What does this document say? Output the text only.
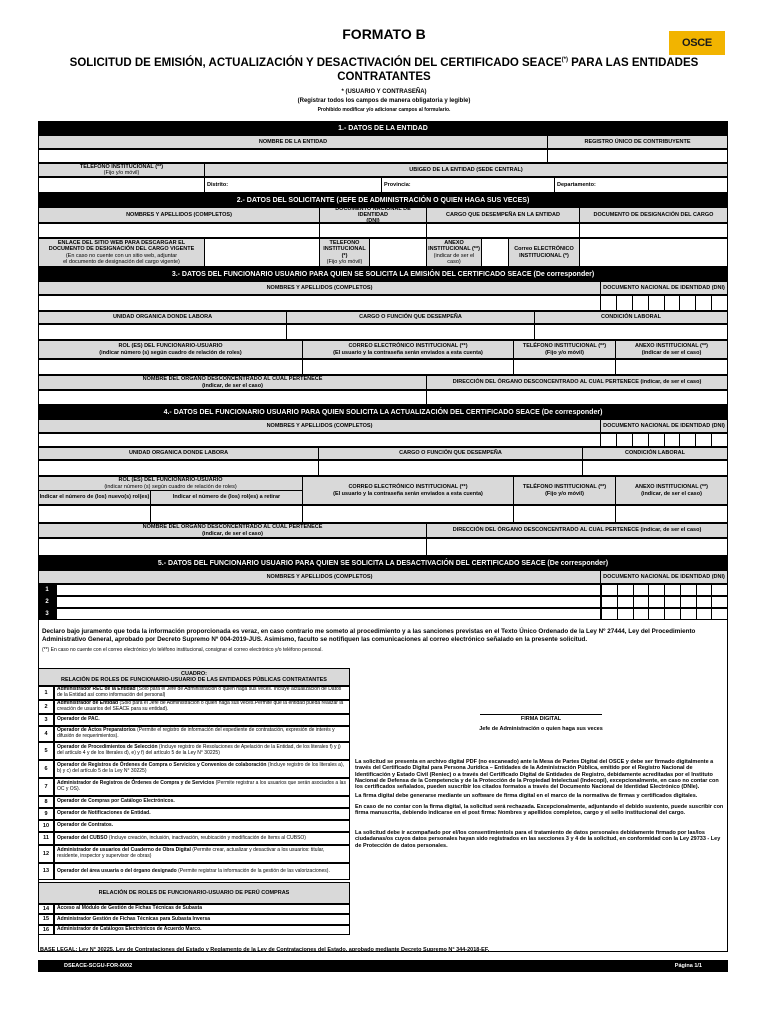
FORMATO B
OSCE
SOLICITUD DE EMISIÓN, ACTUALIZACIÓN Y DESACTIVACIÓN DEL CERTIFICADO SEACE(*) PARA LAS ENTIDADES
CONTRATANTES
* (USUARIO Y CONTRASEÑA)
(Registrar todos los campos de manera obligatoria y legible)
Prohibido modificar y/o adicionar campos al formulario.
1.- DATOS DE LA ENTIDAD
NOMBRE DE LA ENTIDAD	REGISTRO ÚNICO DE CONTRIBUYENTE
TELÉFONO INSTITUCIONAL (**)
(Fijo y/o móvil)
UBIGEO DE LA ENTIDAD (SEDE CENTRAL)
Distrito:	Provincia:	Departamento:
2.- DATOS DEL SOLICITANTE (JEFE DE ADMINISTRACIÓN O QUIEN HAGA SUS VECES)
NOMBRES Y APELLIDOS (COMPLETOS)
DOCUMENTO NACIONAL DE IDENTIDAD
(DNI)
CARGO QUE DESEMPEÑA EN LA ENTIDAD	DOCUMENTO DE DESIGNACIÓN DEL CARGO
ENLACE DEL SITIO WEB PARA DESCARGAR EL
DOCUMENTO DE DESIGNACIÓN DEL CARGO VIGENTE
(En caso no cuente con un sitio web, adjuntar
el documento de designación del cargo vigente)
TELEFONO
INSTITUCIONAL (*)
(Fijo y/o móvil)
ANEXO
INSTITUCIONAL (**)
(indicar de ser el
caso)
Correo ELECTRÓNICO
INSTITUCIONAL (*)
3.- DATOS DEL FUNCIONARIO USUARIO PARA QUIEN SE SOLICITA LA EMISIÓN DEL CERTIFICADO SEACE (De corresponder)
NOMBRES Y APELLIDOS (COMPLETOS)	DOCUMENTO NACIONAL DE IDENTIDAD (DNI)
UNIDAD ORGANICA DONDE LABORA	CARGO O FUNCIÓN QUE DESEMPEÑA	CONDICIÓN LABORAL
ROL (ES) DEL FUNCIONARIO-USUARIO
(indicar número (s) según cuadro de relación de roles)
CORREO ELECTRÓNICO INSTITUCIONAL (**)
(El usuario y la contraseña serán enviados a esta cuenta)
TELÉFONO INSTITUCIONAL (**)
(Fijo y/o móvil)
ANEXO INSTITUCIONAL (**)
(indicar de ser el caso)
NOMBRE DEL ÓRGANO DESCONCENTRADO AL CUAL PERTENECE
(indicar, de ser el caso)
DIRECCIÓN DEL ÓRGANO DESCONCENTRADO AL CUAL PERTENECE (indicar, de ser el caso)
4.- DATOS DEL FUNCIONARIO USUARIO PARA QUIEN SOLICITA LA ACTUALIZACIÓN DEL CERTIFICADO SEACE (De corresponder)
NOMBRES Y APELLIDOS (COMPLETOS)	DOCUMENTO NACIONAL DE IDENTIDAD (DNI)
UNIDAD ORGANICA DONDE LABORA	CARGO O FUNCIÓN QUE DESEMPEÑA	CONDICIÓN LABORAL
ROL (ES) DEL FUNCIONARIO-USUARIO
(indicar número (s) según cuadro de relación de roles)
Indicar el número de (los) nuevo(s) rol(es)	Indicar el número de (los) rol(es) a retirar
CORREO ELECTRÓNICO INSTITUCIONAL (**)
(El usuario y la contraseña serán enviados a esta cuenta)
TELÉFONO INSTITUCIONAL (**)
(Fijo y/o móvil)
ANEXO INSTITUCIONAL (**)
(indicar, de ser el caso)
NOMBRE DEL ORGANO DESCONCENTRADO AL CUAL PERTENECE
(indicar, de ser el caso)
DIRECCIÓN DEL ÓRGANO DESCONCENTRADO AL CUAL PERTENECE (indicar, de ser el caso)
5.- DATOS DEL FUNCIONARIO USUARIO PARA QUIEN SE SOLICITA LA DESACTIVACIÓN DEL CERTIFICADO SEACE (De corresponder)
NOMBRES Y APELLIDOS (COMPLETOS)	DOCUMENTO NACIONAL DE IDENTIDAD (DNI)
1
2
3
Declaro bajo juramento que toda la información proporcionada es veraz, en caso contrario me someto al procedimiento y a las sanciones previstas en el Texto Único Ordenado de la Ley Nº 27444, Ley del Procedimiento Administrativo General, aprobado por Decreto Supremo Nº 004-2019-JUS. Asimismo, faculto se notifiquen las comunicaciones al correo electrónico señalado en la presente solicitud.
(**) En caso no cuente con el correo electrónico y/o teléfono institucional, consignar el correo electrónico y/o teléfono personal.
CUADRO:
RELACIÓN DE ROLES DE FUNCIONARIO-USUARIO DE LAS ENTIDADES PÚBLICAS CONTRATANTES
1
Administrador REC de la Entidad (Sólo para el Jefe de Administración o quien haga sus veces. Incluye actualización de Datos de la Entidad así como información del personal)
2
Administrador de Entidad (Sólo para el Jefe de Administración o quien haga sus veces.Permite que la entidad pueda realizar la creación de usuarios del SEACE para su entidad).
3	Operador de PAC.
4
Operador de Actos Preparatorios (Permite el registro de información del expediente de contratación, expresión de interés y difusión de requerimientos).
5
Operador de Procedimientos de Selección (Incluye registro de Resoluciones de Apelación de la Entidad, de los literales f) y j) del artículo 4 y de los literales d), e) y f) del artículo 5 de la Ley N° 30225)
6
Operador de Registros de Órdenes de Compra o Servicios y Convenios de colaboración (Incluye registro de los literales a), b) y c) del artículo 5 de la Ley N° 30225)
7
Administrador de Registros de Órdenes de Compra y de Servicios (Permite registrar a los usuarios que serán asociados a las OC y OS).
8	Operador de Compras por Catálogo Electrónicos.
9	Operador de Notificaciones de Entidad.
10	Operador de Contratos.
11	Operador del CUBSO (Incluye creación, inclusión, inactivación, reubicación y modificación de ítems al CUBSO)
12
Administrador de usuarios del Cuaderno de Obra Digital (Permite crear, actualizar y desactivar a los usuarios: titular, residente, inspector y supervisor de obras)
13	Operador del área usuaria o del órgano designado (Permite registrar la información de la gestión de las valorizaciones).
RELACIÓN DE ROLES DE FUNCIONARIO-USUARIO DE PERÚ COMPRAS
14	Acceso al Módulo de Gestión de Fichas Técnicas de Subasta
15	Administrador Gestión de Fichas Técnicas para Subasta Inversa
16	Administrador de Catálogos Electrónicos de Acuerdo Marco.
FIRMA DIGITAL
Jefe de Administración o quien haga sus veces
La solicitud se presenta en archivo digital PDF (no escaneado) ante la Mesa de Partes Digital del OSCE y debe ser firmado digitalmente a través del Certificado Digital para Persona Jurídica – Entidades de la Administración Pública, emitido por el Registro Nacional de Identificación y Estado Civil (Reniec) o a través del Certificado Digital de Entidades de Registro, debidamente acreditadas por el Instituto Nacional de Defensa de la Competencia y de la Protección de la Propiedad Intelectual (Indecopi), excepcionalmente, en caso no contar con los certificados señalados, pueden suscribir los citados formatos a través del Documento Nacional de Identidad Electrónico (DNIe).
La firma digital debe generarse mediante un software de firma digital en el marco de la normativa de firmas y certificados digitales.
En caso de no contar con la firma digital, la solicitud será rechazada. Excepcionalmente, adjuntando el debido sustento, puede suscribir con firma manuscrita, debiendo indicarse en el post firma: Nombres y apellidos completos, cargo y el sello institucional del cargo.
La solicitud debe ir acompañado por el/los consentimiento/s para el tratamiento de datos personales debidamente firmado por las/los ciudadanas/os cuyos datos personales hayan sido registrados en las secciones 3 y 4 de la solicitud, en conformidad con la Ley 29733 - Ley de Protección de datos personales.
BASE LEGAL: Ley N° 30225, Ley de Contrataciones del Estado y Reglamento de la Ley de Contrataciones del Estado, aprobado mediante Decreto Supremo N° 344-2018-EF.
DSEACE-SCGU-FOR-0002	Página 1/1
